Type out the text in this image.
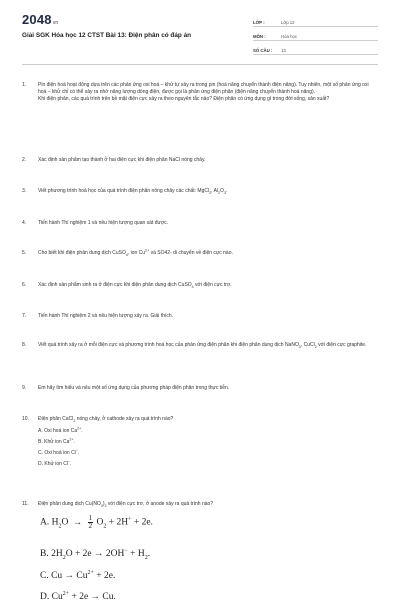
2048vn
Giải SGK Hóa học 12 CTST Bài 13: Điện phân có đáp án
LỚP :	Lớp 12
MÔN :	Hóa học
SỐ CÂU :	13
1. Pin điện hoá hoạt động dựa trên các phản ứng oxi hoá – khử tự xảy ra trong pin (hoá năng chuyển thành điện năng). Tuy nhiên, một số phản ứng oxi hoá – khử chỉ có thể xảy ra nhờ năng lượng dòng điện, được gọi là phản ứng điện phân (điện năng chuyển thành hoá năng).

Khi điện phân, các quá trình trên bề mặt điện cực xảy ra theo nguyên tắc nào? Điện phân có ứng dụng gì trong đời sống, sản xuất?

2. Xác định sản phẩm tạo thành ở hai điện cực khi điện phân NaCl nóng chảy.

3. Viết phương trình hoá học của quá trình điện phân nóng chảy các chất: MgCl$_2$, $Al_2O_3$.

4. Tiến hành Thí nghiệm 1 và nêu hiện tượng quan sát được.

5. Cho biết khi điện phân dung dịch CuSO$_4$, ion $Cu^{2+}$ và SO42- di chuyển về điện cực nào.

6. Xác định sản phẩm sinh ra ở điện cực khi điện phân dung dịch CuSO$_4$ với điện cực trơ.

7. Tiến hành Thí nghiệm 2 và nêu hiện tượng xảy ra. Giải thích.

8. Viết quá trình xảy ra ở mỗi điện cực và phương trình hoá học của phản ứng điện phân khi điện phân dung dịch NaNO$_3$, CuCl$_2$ với điện cực graphite.

9. Em hãy tìm hiểu và nêu một số ứng dụng của phương pháp điện phân trong thực tiễn.

10. Điện phân CaCl$_2$ nóng chảy, ở cathode xảy ra quá trình nào?

A. Oxi hoá ion $Ca^{2+}$.

B. Khử ion $Ca^{2+}$.

C. Oxi hoá ion Cl−.

D. Khử ion Cl−.

11. Điện phân dung dịch $Cu(NO_3)_2$ với điện cực trơ, ở anode xảy ra quá trình nào?

A. $H_2O \to \frac{1}{2} O_2 + 2H^+ + 2e$.
B. $2H_2O + 2e \to 2OH^- + H_2$.
C. $Cu \to Cu^{2+} + 2e$.
D. $Cu^{2+} + 2e \to Cu$.
